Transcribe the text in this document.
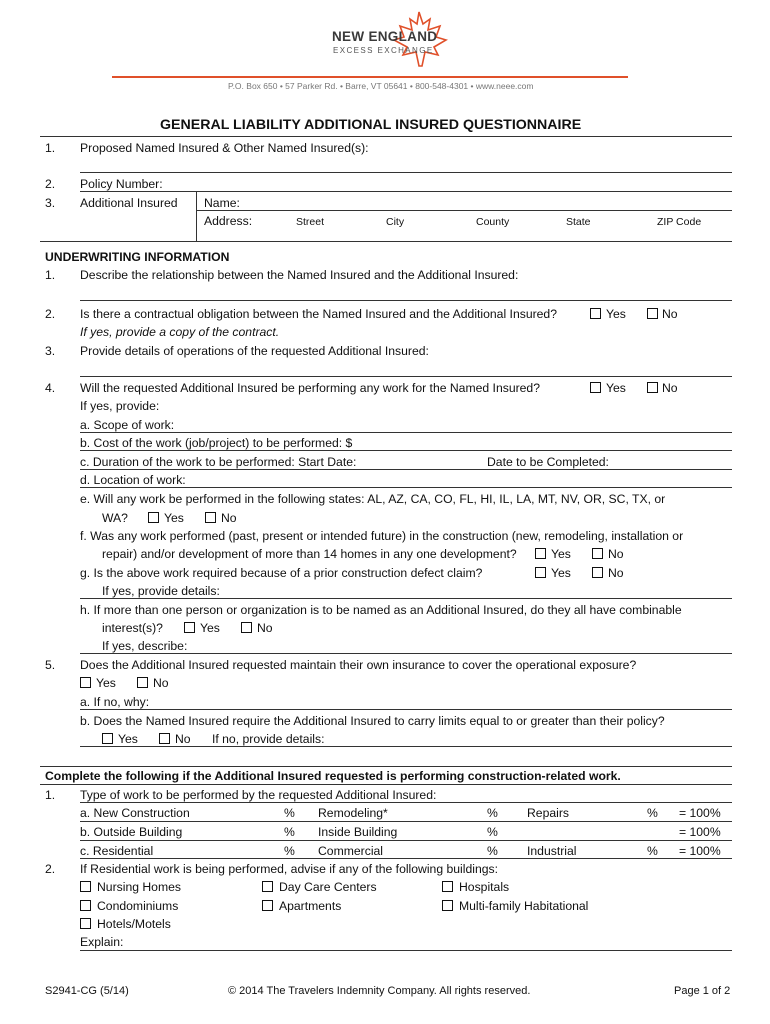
NEW ENGLAND
EXCESS EXCHANGE
P.O. Box 650 • 57 Parker Rd. • Barre, VT 05641 • 800-548-4301 • www.neee.com
GENERAL LIABILITY ADDITIONAL INSURED QUESTIONNAIRE
1. Proposed Named Insured & Other Named Insured(s):
2. Policy Number:
3. Additional Insured Name:
Address:	Street	City	County	State	ZIP Code
UNDERWRITING INFORMATION
1. Describe the relationship between the Named Insured and the Additional Insured:
2. Is there a contractual obligation between the Named Insured and the Additional Insured?	Yes	No
If yes, provide a copy of the contract.
3. Provide details of operations of the requested Additional Insured:
4. Will the requested Additional Insured be performing any work for the Named Insured?	Yes	No
If yes, provide:
a. Scope of work:
b. Cost of the work (job/project) to be performed: $
c. Duration of the work to be performed: Start Date:	Date to be Completed:
d. Location of work:
e. Will any work be performed in the following states: AL, AZ, CA, CO, FL, HI, IL, LA, MT, NV, OR, SC, TX, or
WA?	Yes	No
f. Was any work performed (past, present or intended future) in the construction (new, remodeling, installation or
repair) and/or development of more than 14 homes in any one development?	Yes	No
g. Is the above work required because of a prior construction defect claim?	Yes	No
If yes, provide details:
h. If more than one person or organization is to be named as an Additional Insured, do they all have combinable
interest(s)?	Yes	No
If yes, describe:
5. Does the Additional Insured requested maintain their own insurance to cover the operational exposure?
Yes	No
a. If no, why:
b. Does the Named Insured require the Additional Insured to carry limits equal to or greater than their policy?
Yes	No If no, provide details:
Complete the following if the Additional Insured requested is performing construction-related work.
1. Type of work to be performed by the requested Additional Insured:
a. New Construction	% Remodeling*	% Repairs	% = 100%
b. Outside Building	% Inside Building	%	= 100%
c. Residential	% Commercial	% Industrial	% = 100%
2. If Residential work is being performed, advise if any of the following buildings:
Nursing Homes	Day Care Centers	Hospitals
Condominiums	Apartments	Multi-family Habitational
Hotels/Motels
Explain:
S2941-CG (5/14)	© 2014 The Travelers Indemnity Company. All rights reserved.	Page 1 of 2
